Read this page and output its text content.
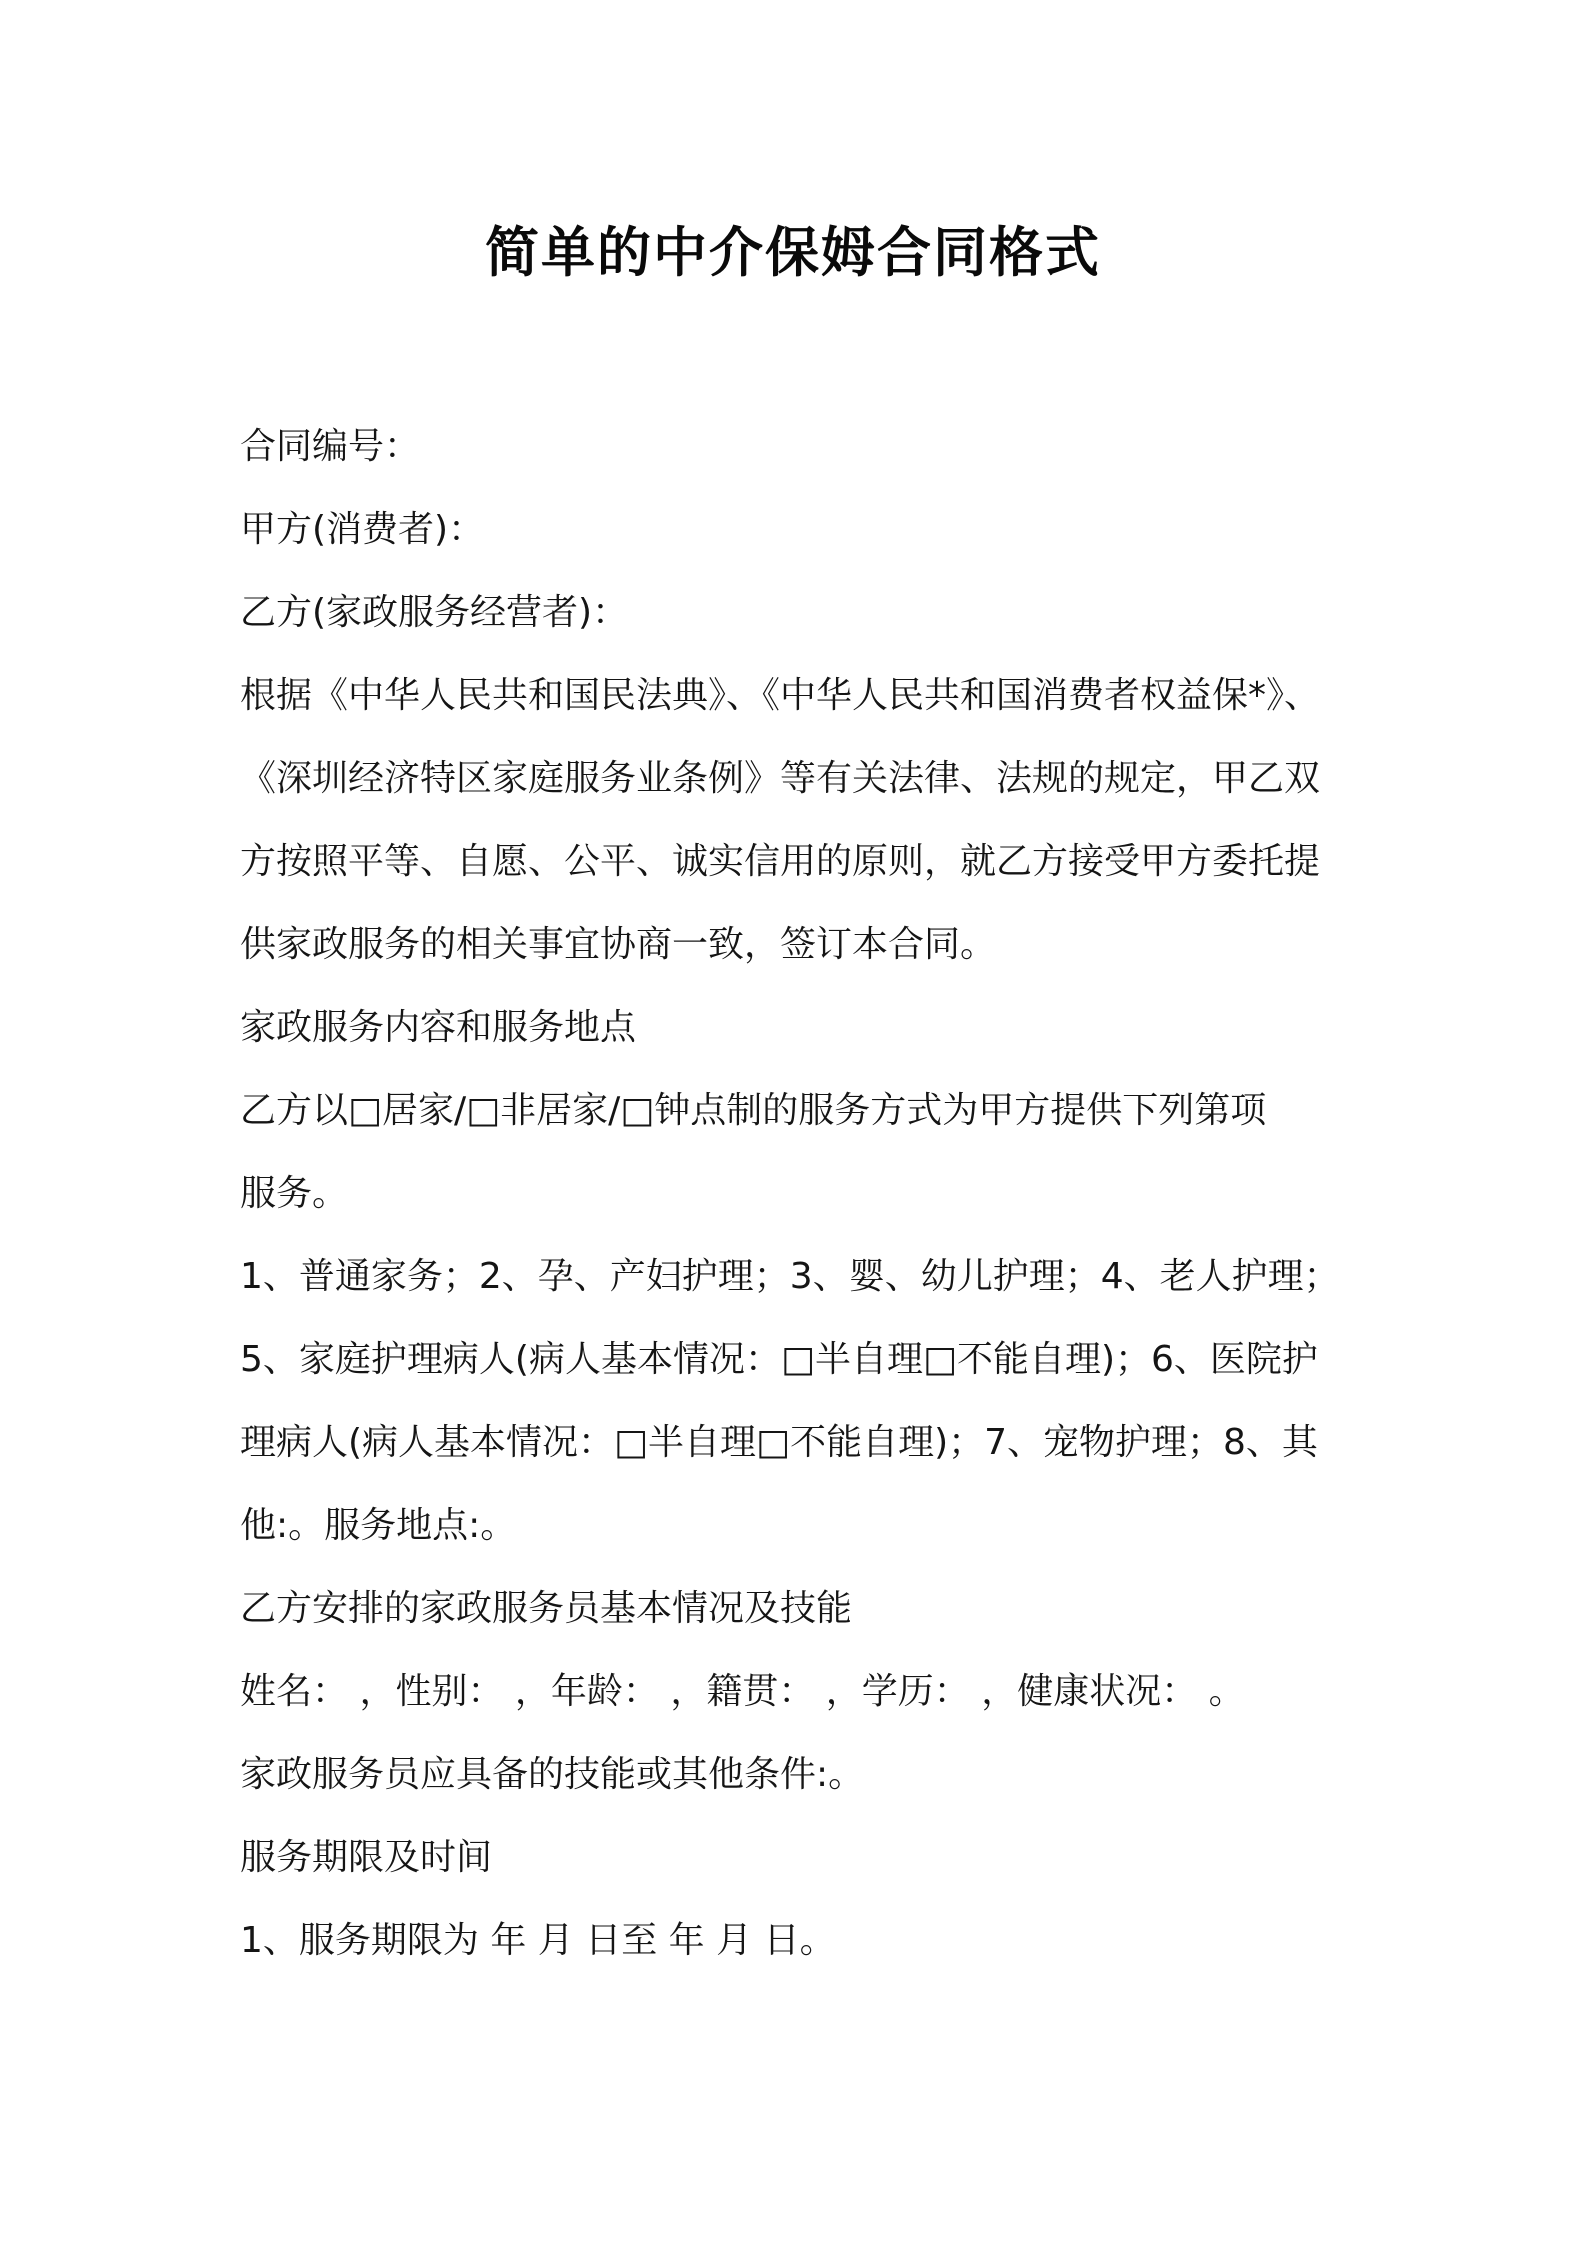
简单的中介保姆合同格式
合同编号：
甲方(消费者)：
乙方(家政服务经营者)：
根据《中华人民共和国民法典》、《中华人民共和国消费者权益保*》、
《深圳经济特区家庭服务业条例》等有关法律、法规的规定，甲乙双
方按照平等、自愿、公平、诚实信用的原则，就乙方接受甲方委托提
供家政服务的相关事宜协商一致，签订本合同。
家政服务内容和服务地点
乙方以□居家/□非居家/□钟点制的服务方式为甲方提供下列第项
服务。
1、普通家务；2、孕、产妇护理；3、婴、幼儿护理；4、老人护理；
5、家庭护理病人(病人基本情况：□半自理□不能自理)；6、医院护
理病人(病人基本情况：□半自理□不能自理)；7、宠物护理；8、其
他:。服务地点:。
乙方安排的家政服务员基本情况及技能
姓名： ，性别： ，年龄： ，籍贯： ，学历： ，健康状况： 。
家政服务员应具备的技能或其他条件:。
服务期限及时间
1、服务期限为 年 月 日至 年 月 日。
